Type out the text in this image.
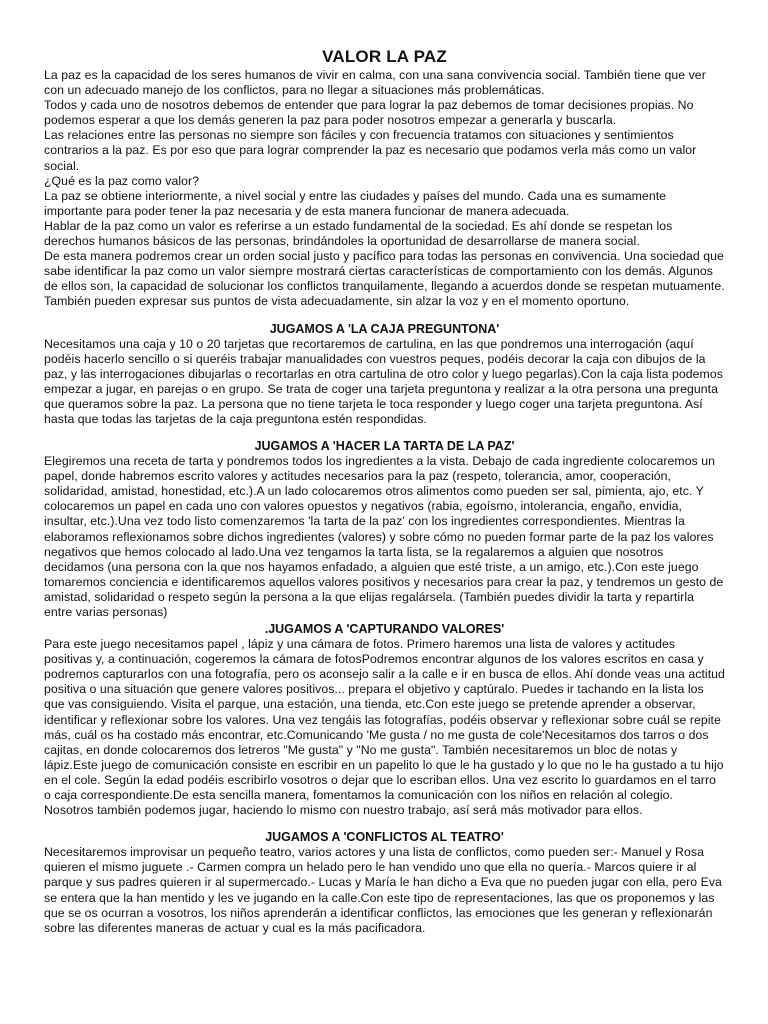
VALOR LA PAZ

La paz es la capacidad de los seres humanos de vivir en calma, con una sana convivencia social. También tiene que ver con un adecuado manejo de los conflictos, para no llegar a situaciones más problemáticas.

Todos y cada uno de nosotros debemos de entender que para lograr la paz debemos de tomar decisiones propias. No podemos esperar a que los demás generen la paz para poder nosotros empezar a generarla y buscarla.

Las relaciones entre las personas no siempre son fáciles y con frecuencia tratamos con situaciones y sentimientos contrarios a la paz. Es por eso que para lograr comprender la paz es necesario que podamos verla más como un valor social.

¿Qué es la paz como valor?

La paz se obtiene interiormente, a nivel social y entre las ciudades y países del mundo. Cada una es sumamente importante para poder tener la paz necesaria y de esta manera funcionar de manera adecuada.

Hablar de la paz como un valor es referirse a un estado fundamental de la sociedad. Es ahí donde se respetan los derechos humanos básicos de las personas, brindándoles la oportunidad de desarrollarse de manera social.

De esta manera podremos crear un orden social justo y pacífico para todas las personas en convivencia. Una sociedad que sabe identificar la paz como un valor siempre mostrará ciertas características de comportamiento con los demás. Algunos de ellos son, la capacidad de solucionar los conflictos tranquilamente, llegando a acuerdos donde se respetan mutuamente. También pueden expresar sus puntos de vista adecuadamente, sin alzar la voz y en el momento oportuno.

JUGAMOS A 'LA CAJA PREGUNTONA'

Necesitamos una caja y 10 o 20 tarjetas que recortaremos de cartulina, en las que pondremos una interrogación (aquí podéis hacerlo sencillo o si queréis trabajar manualidades con vuestros peques, podéis decorar la caja con dibujos de la paz, y las interrogaciones dibujarlas o recortarlas en otra cartulina de otro color y luego pegarlas).Con la caja lista podemos empezar a jugar, en parejas o en grupo. Se trata de coger una tarjeta preguntona y realizar a la otra persona una pregunta que queramos sobre la paz. La persona que no tiene tarjeta le toca responder y luego coger una tarjeta preguntona. Así hasta que todas las tarjetas de la caja preguntona estén respondidas.

JUGAMOS A 'HACER LA TARTA DE LA PAZ'

Elegiremos una receta de tarta y pondremos todos los ingredientes a la vista. Debajo de cada ingrediente colocaremos un papel, donde habremos escrito valores y actitudes necesarios para la paz (respeto, tolerancia, amor, cooperación, solidaridad, amistad, honestidad, etc.).A un lado colocaremos otros alimentos como pueden ser sal, pimienta, ajo, etc. Y colocaremos un papel en cada uno con valores opuestos y negativos (rabia, egoísmo, intolerancia, engaño, envidia, insultar, etc.).Una vez todo listo comenzaremos 'la tarta de la paz' con los ingredientes correspondientes. Mientras la elaboramos reflexionamos sobre dichos ingredientes (valores) y sobre cómo no pueden formar parte de la paz los valores negativos que hemos colocado al lado.Una vez tengamos la tarta lista, se la regalaremos a alguien que nosotros decidamos (una persona con la que nos hayamos enfadado, a alguien que esté triste, a un amigo, etc.).Con este juego tomaremos conciencia e identificaremos aquellos valores positivos y necesarios para crear la paz, y tendremos un gesto de amistad, solidaridad o respeto según la persona a la que elijas regalársela. (También puedes dividir la tarta y repartirla entre varias personas)

.JUGAMOS A 'CAPTURANDO VALORES'

Para este juego necesitamos papel , lápiz y una cámara de fotos. Primero haremos una lista de valores y actitudes positivas y, a continuación, cogeremos la cámara de fotosPodremos encontrar algunos de los valores escritos en casa y podremos capturarlos con una fotografía, pero os aconsejo salir a la calle e ir en busca de ellos. Ahí donde veas una actitud positiva o una situación que genere valores positivos... prepara el objetivo y captúralo. Puedes ir tachando en la lista los que vas consiguiendo. Visita el parque, una estación, una tienda, etc.Con este juego se pretende aprender a observar, identificar y reflexionar sobre los valores. Una vez tengáis las fotografías, podéis observar y reflexionar sobre cuál se repite más, cuál os ha costado más encontrar, etc.Comunicando 'Me gusta / no me gusta de cole'Necesitamos dos tarros o dos cajitas, en donde colocaremos dos letreros "Me gusta" y "No me gusta". También necesitaremos un bloc de notas y lápiz.Este juego de comunicación consiste en escribir en un papelito lo que le ha gustado y lo que no le ha gustado a tu hijo en el cole. Según la edad podéis escribirlo vosotros o dejar que lo escriban ellos. Una vez escrito lo guardamos en el tarro o caja correspondiente.De esta sencilla manera, fomentamos la comunicación con los niños en relación al colegio. Nosotros también podemos jugar, haciendo lo mismo con nuestro trabajo, así será más motivador para ellos.

JUGAMOS A 'CONFLICTOS AL TEATRO'

Necesitaremos improvisar un pequeño teatro, varios actores y una lista de conflictos, como pueden ser:- Manuel y Rosa quieren el mismo juguete .- Carmen compra un helado pero le han vendido uno que ella no quería.- Marcos quiere ir al parque y sus padres quieren ir al supermercado.- Lucas y María le han dicho a Eva que no pueden jugar con ella, pero Eva se entera que la han mentido y les ve jugando en la calle.Con este tipo de representaciones, las que os proponemos y las que se os ocurran a vosotros, los niños aprenderán a identificar conflictos, las emociones que les generan y reflexionarán sobre las diferentes maneras de actuar y cual es la más pacificadora.
